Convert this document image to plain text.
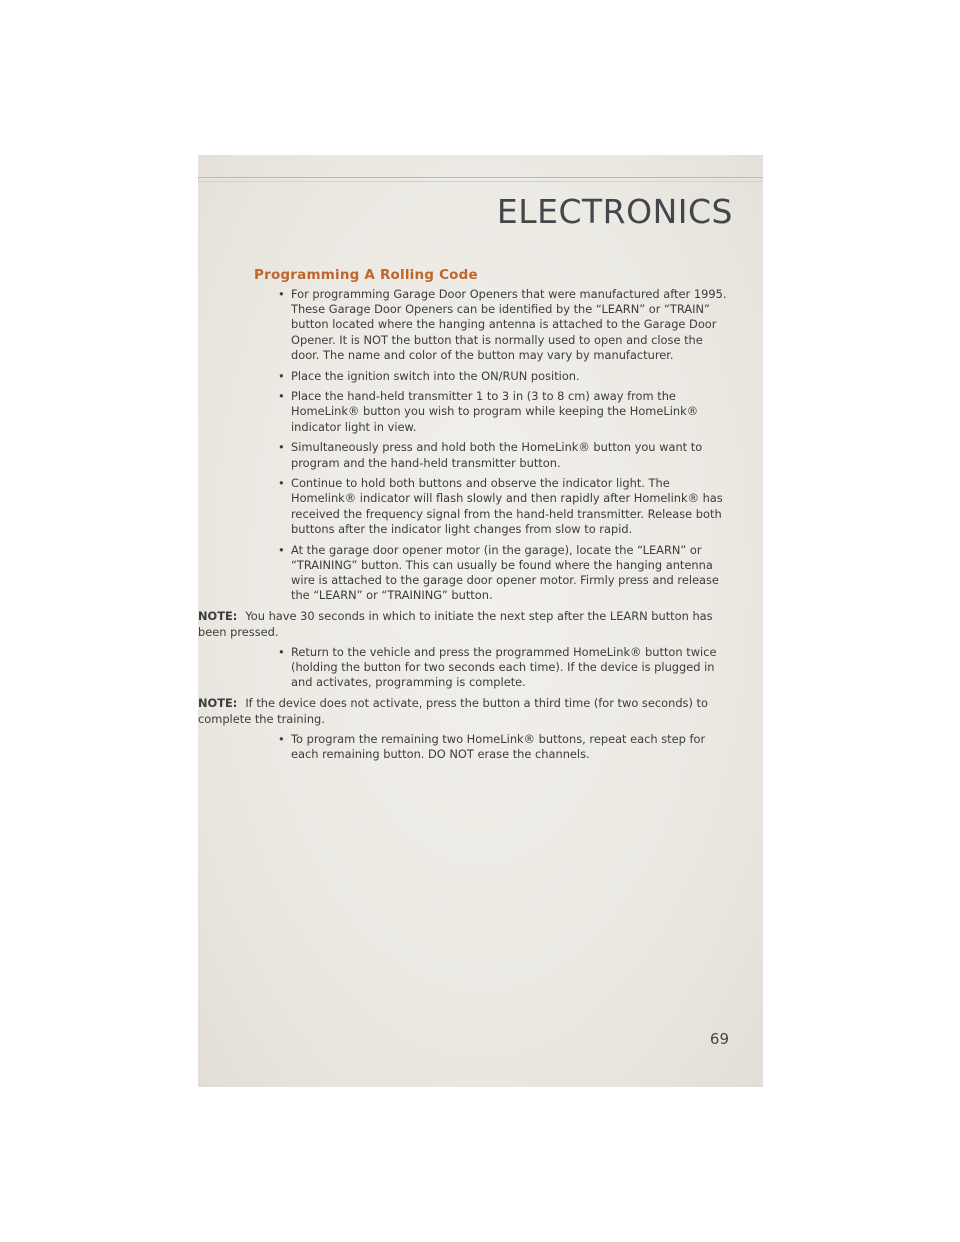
ELECTRONICS
Programming A Rolling Code
• For programming Garage Door Openers that were manufactured after 1995. These Garage Door Openers can be identified by the “LEARN” or “TRAIN” button located where the hanging antenna is attached to the Garage Door Opener. It is NOT the button that is normally used to open and close the door. The name and color of the button may vary by manufacturer.
• Place the ignition switch into the ON/RUN position.
• Place the hand-held transmitter 1 to 3 in (3 to 8 cm) away from the HomeLink® button you wish to program while keeping the HomeLink® indicator light in view.
• Simultaneously press and hold both the HomeLink® button you want to program and the hand-held transmitter button.
• Continue to hold both buttons and observe the indicator light. The Homelink® indicator will flash slowly and then rapidly after Homelink® has received the frequency signal from the hand-held transmitter. Release both buttons after the indicator light changes from slow to rapid.
• At the garage door opener motor (in the garage), locate the “LEARN” or “TRAINING” button. This can usually be found where the hanging antenna wire is attached to the garage door opener motor. Firmly press and release the “LEARN” or “TRAINING” button.

NOTE: You have 30 seconds in which to initiate the next step after the LEARN button has been pressed.

• Return to the vehicle and press the programmed HomeLink® button twice (holding the button for two seconds each time). If the device is plugged in and activates, programming is complete.

NOTE: If the device does not activate, press the button a third time (for two seconds) to complete the training.

• To program the remaining two HomeLink® buttons, repeat each step for each remaining button. DO NOT erase the channels.
69
